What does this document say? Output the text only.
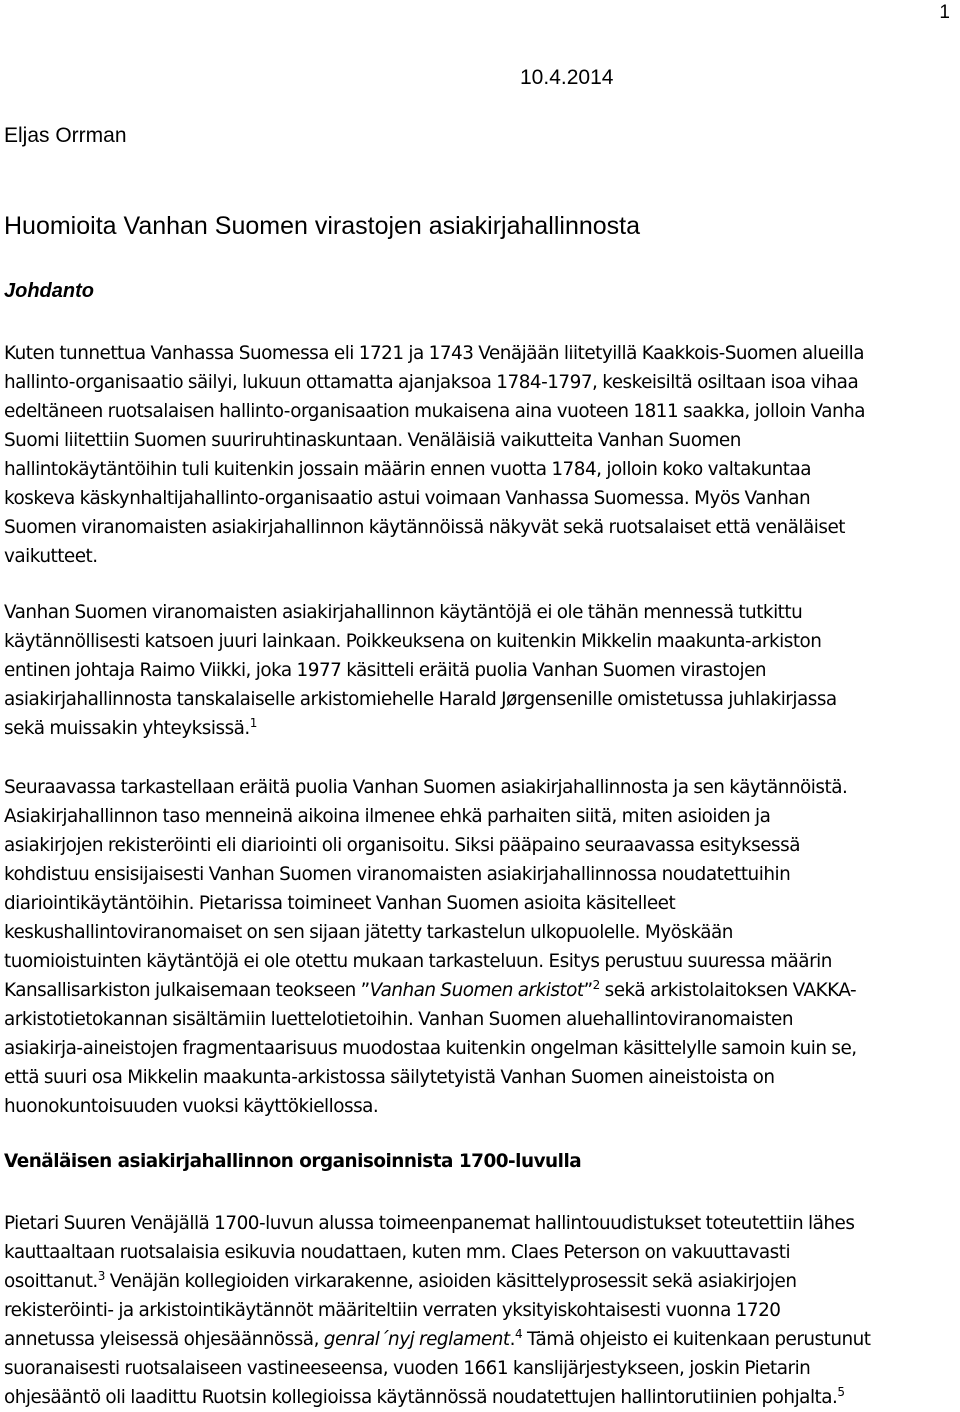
1
10.4.2014
Eljas Orrman
Huomioita Vanhan Suomen virastojen asiakirjahallinnosta
Johdanto
Kuten tunnettua Vanhassa Suomessa eli 1721 ja 1743 Venäjään liitetyillä Kaakkois-Suomen alueilla
hallinto-organisaatio säilyi, lukuun ottamatta ajanjaksoa 1784-1797, keskeisiltä osiltaan isoa vihaa
edeltäneen ruotsalaisen hallinto-organisaation mukaisena aina vuoteen 1811 saakka, jolloin Vanha
Suomi liitettiin Suomen suuriruhtinaskuntaan. Venäläisiä vaikutteita Vanhan Suomen
hallintokäytäntöihin tuli kuitenkin jossain määrin ennen vuotta 1784, jolloin koko valtakuntaa
koskeva käskynhaltijahallinto-organisaatio astui voimaan Vanhassa Suomessa. Myös Vanhan
Suomen viranomaisten asiakirjahallinnon käytännöissä näkyvät sekä ruotsalaiset että venäläiset
vaikutteet.
Vanhan Suomen viranomaisten asiakirjahallinnon käytäntöjä ei ole tähän mennessä tutkittu
käytännöllisesti katsoen juuri lainkaan. Poikkeuksena on kuitenkin Mikkelin maakunta-arkiston
entinen johtaja Raimo Viikki, joka 1977 käsitteli eräitä puolia Vanhan Suomen virastojen
asiakirjahallinnosta tanskalaiselle arkistomiehelle Harald Jørgensenille omistetussa juhlakirjassa
sekä muissakin yhteyksissä.$^1$
Seuraavassa tarkastellaan eräitä puolia Vanhan Suomen asiakirjahallinnosta ja sen käytännöistä.
Asiakirjahallinnon taso menneinä aikoina ilmenee ehkä parhaiten siitä, miten asioiden ja
asiakirjojen rekisteröinti eli diariointi oli organisoitu. Siksi pääpaino seuraavassa esityksessä
kohdistuu ensisijaisesti Vanhan Suomen viranomaisten asiakirjahallinnossa noudatettuihin
diariointikäytäntöihin. Pietarissa toimineet Vanhan Suomen asioita käsitelleet
keskushallintoviranomaiset on sen sijaan jätetty tarkastelun ulkopuolelle. Myöskään
tuomioistuinten käytäntöjä ei ole otettu mukaan tarkasteluun. Esitys perustuu suuressa määrin
Kansallisarkiston julkaisemaan teokseen ”Vanhan Suomen arkistot”$^2$ sekä arkistolaitoksen VAKKA-
arkistotietokannan sisältämiin luettelotietoihin. Vanhan Suomen aluehallintoviranomaisten
asiakirja-aineistojen fragmentaarisuus muodostaa kuitenkin ongelman käsittelylle samoin kuin se,
että suuri osa Mikkelin maakunta-arkistossa säilytetyistä Vanhan Suomen aineistoista on
huonokuntoisuuden vuoksi käyttökiellossa.
Venäläisen asiakirjahallinnon organisoinnista 1700-luvulla
Pietari Suuren Venäjällä 1700-luvun alussa toimeenpanemat hallintouudistukset toteutettiin lähes
kauttaaltaan ruotsalaisia esikuvia noudattaen, kuten mm. Claes Peterson on vakuuttavasti
osoittanut.$^3$ Venäjän kollegioiden virkarakenne, asioiden käsittelyprosessit sekä asiakirjojen
rekisteröinti- ja arkistointikäytännöt määriteltiin verraten yksityiskohtaisesti vuonna 1720
annetussa yleisessä ohjesäännössä, genral´nyj reglament.$^4$ Tämä ohjeisto ei kuitenkaan perustunut
suoranaisesti ruotsalaiseen vastineeseensa, vuoden 1661 kanslijärjestykseen, joskin Pietarin
ohjesääntö oli laadittu Ruotsin kollegioissa käytännössä noudatettujen hallintorutiinien pohjalta.$^5$
